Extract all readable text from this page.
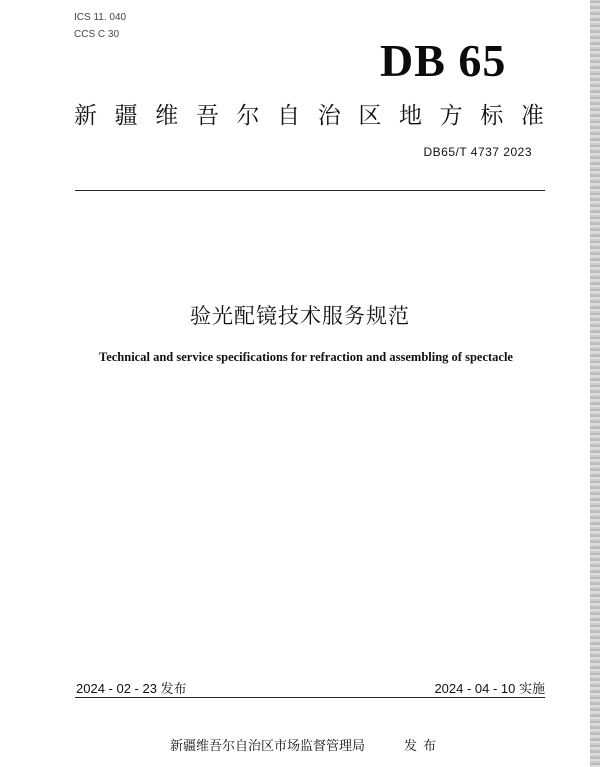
ICS 11. 040
CCS C 30
DB 65
新 疆 维 吾 尔 自 治 区 地 方 标 准
DB65/T 4737 2023
验光配镜技术服务规范
Technical and service specifications for refraction and assembling of spectacle
2024 - 02 - 23 发布	2024 - 04 - 10 实施
新疆维吾尔自治区市场监督管理局	发布
